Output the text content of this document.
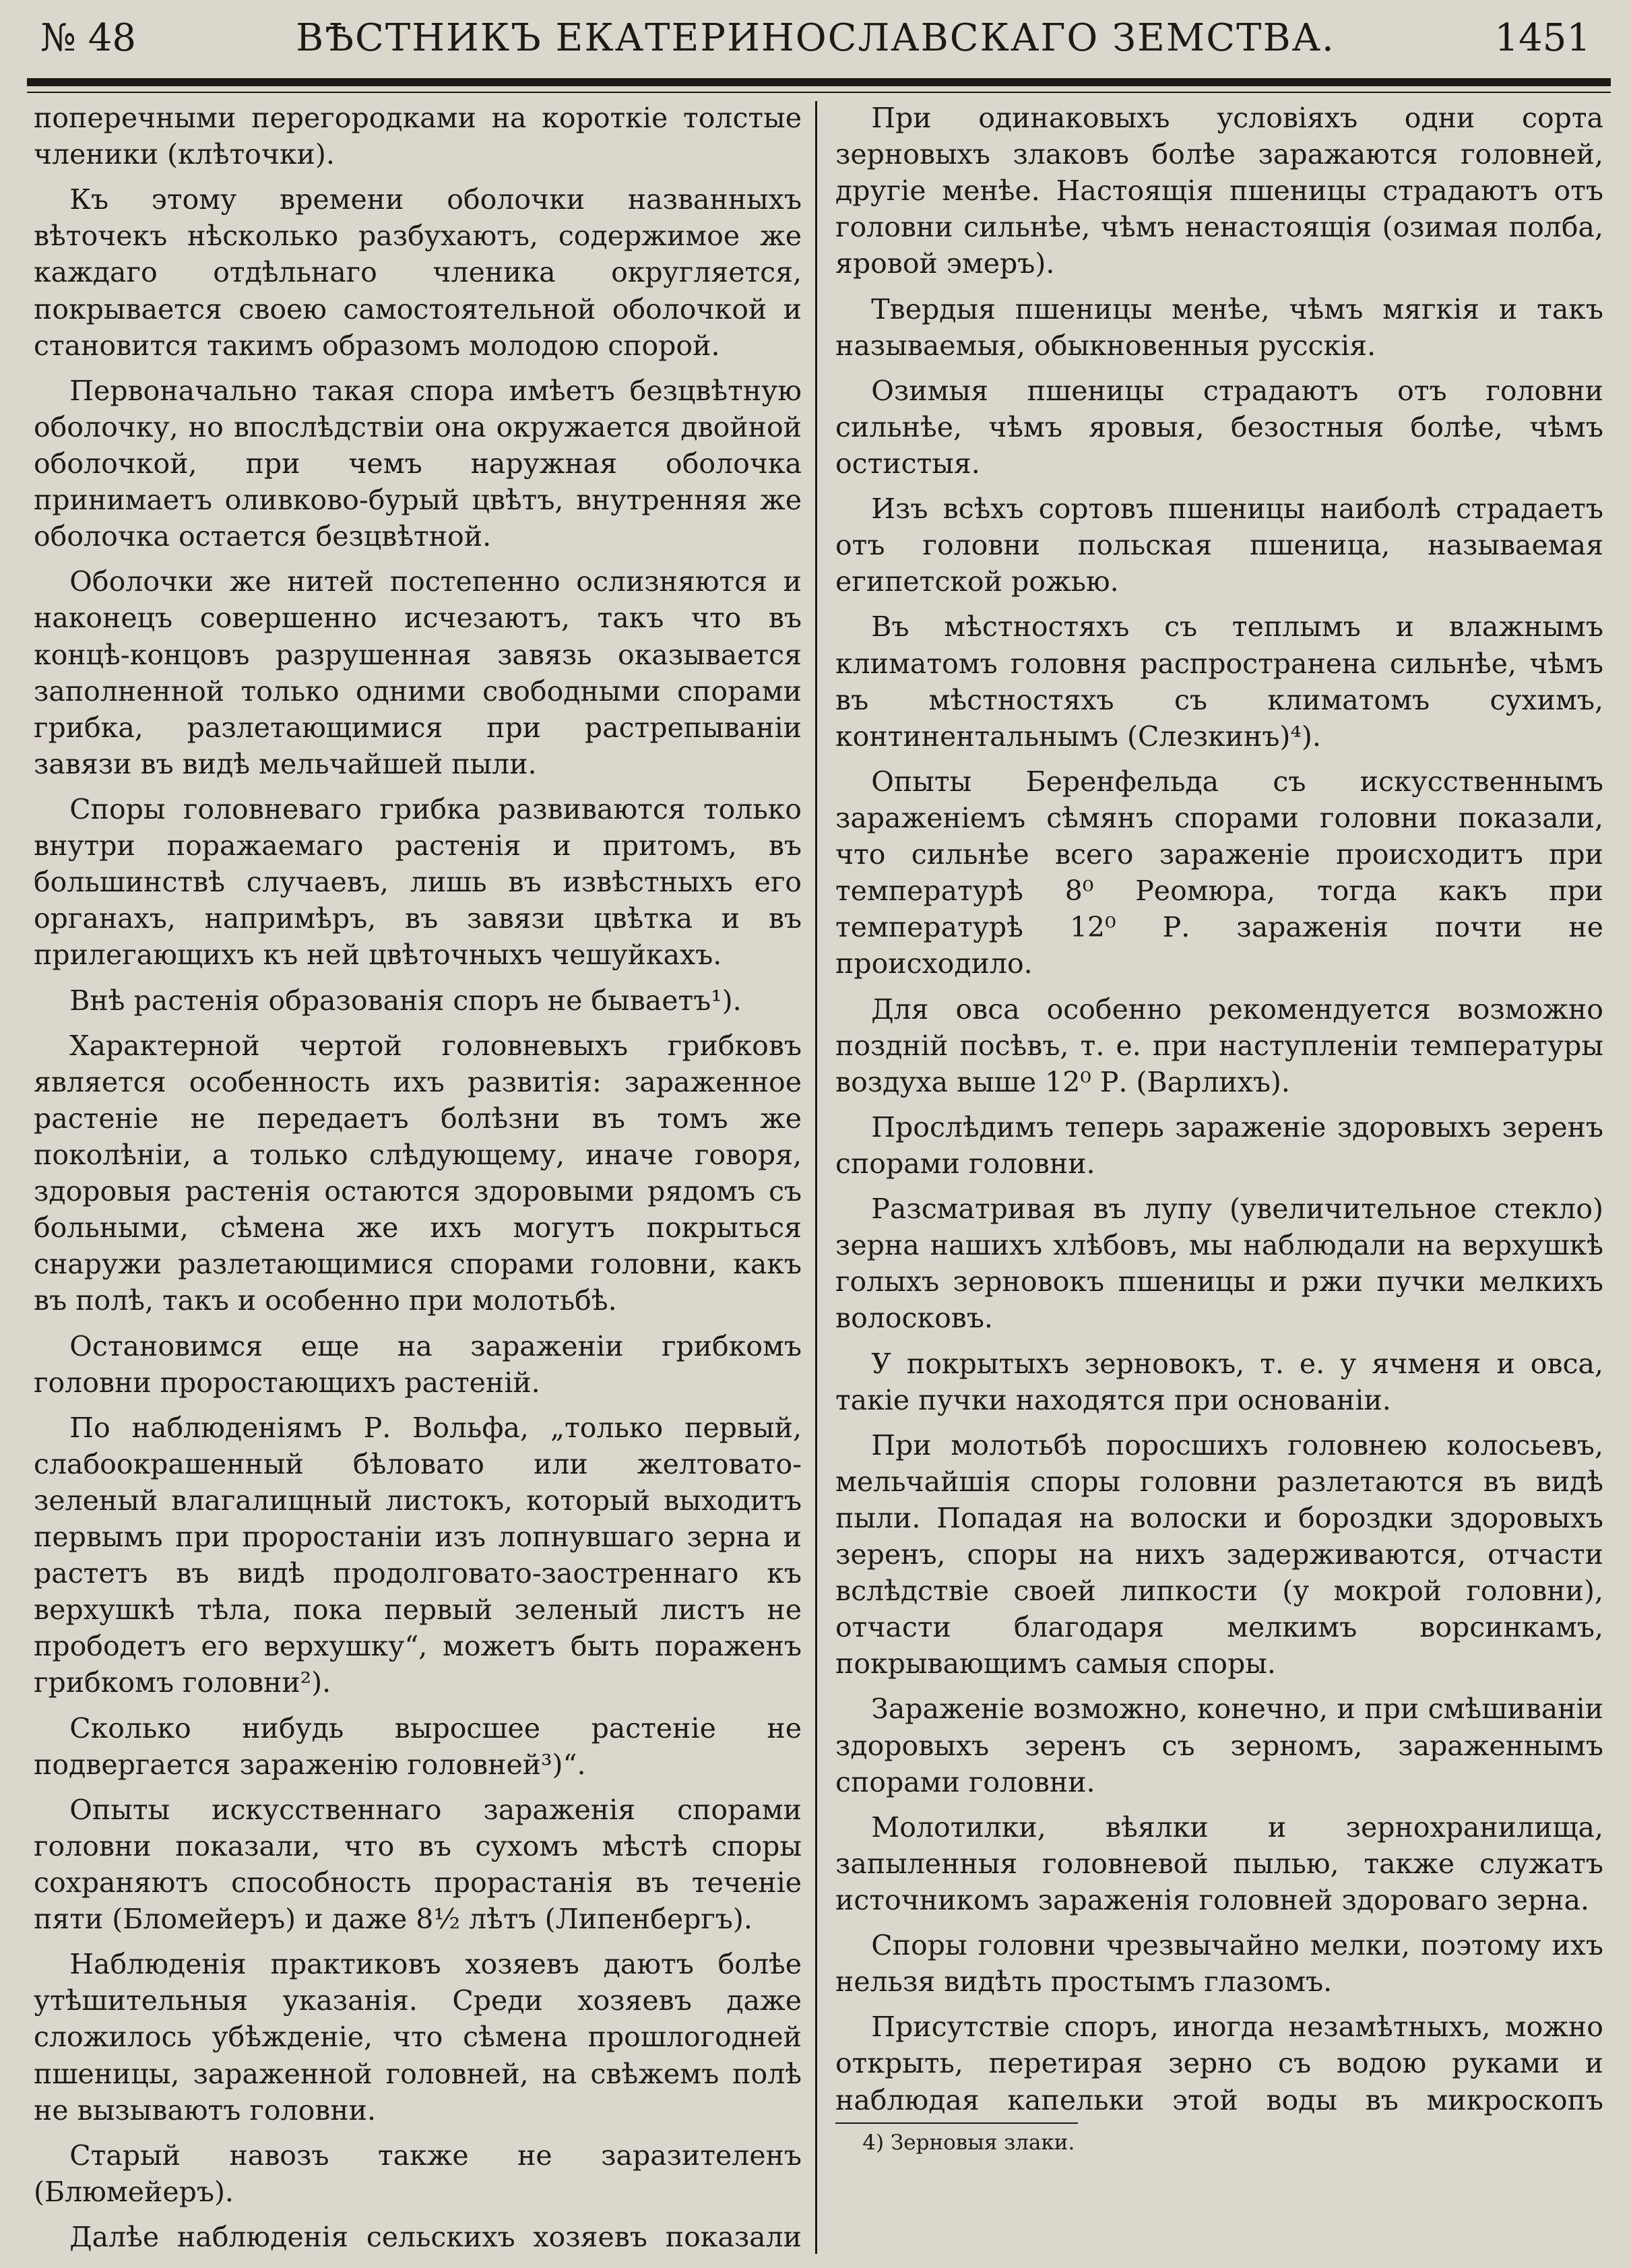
№ 48	ВѢСТНИКЪ ЕКАТЕРИНОСЛАВСКАГО ЗЕМСТВА.	1451

поперечными перегородками на короткіе толстые членики (клѣточки).

Къ этому времени оболочки названныхъ вѣточекъ нѣсколько разбухаютъ, содержимое же каждаго отдѣльнаго членика округляется, покрывается своею самостоятельной оболочкой и становится такимъ образомъ молодою спорой.

Первоначально такая спора имѣетъ безцвѣтную оболочку, но впослѣдствіи она окружается двойной оболочкой, при чемъ наружная оболочка принимаетъ оливково-бурый цвѣтъ, внутренняя же оболочка остается безцвѣтной.

Оболочки же нитей постепенно ослизняются и наконецъ совершенно исчезаютъ, такъ что въ концѣ-концовъ разрушенная завязь оказывается заполненной только одними свободными спорами грибка, разлетающимися при растрепываніи завязи въ видѣ мельчайшей пыли.

Споры головневаго грибка развиваются только внутри поражаемаго растенія и притомъ, въ большинствѣ случаевъ, лишь въ извѣстныхъ его органахъ, напримѣръ, въ завязи цвѣтка и въ прилегающихъ къ ней цвѣточныхъ чешуйкахъ.

Внѣ растенія образованія споръ не бываетъ¹).

Характерной чертой головневыхъ грибковъ является особенность ихъ развитія: зараженное растеніе не передаетъ болѣзни въ томъ же поколѣніи, а только слѣдующему, иначе говоря, здоровыя растенія остаются здоровыми рядомъ съ больными, сѣмена же ихъ могутъ покрыться снаружи разлетающимися спорами головни, какъ въ полѣ, такъ и особенно при молотьбѣ.

Остановимся еще на зараженіи грибкомъ головни проростающихъ растеній.

По наблюденіямъ Р. Вольфа, „только первый, слабоокрашенный бѣловато или желтовато-зеленый влагалищный листокъ, который выходитъ первымъ при проростаніи изъ лопнувшаго зерна и растетъ въ видѣ продолговато-заостреннаго къ верхушкѣ тѣла, пока первый зеленый листъ не прободетъ его верхушку“, можетъ быть пораженъ грибкомъ головни²).

Сколько нибудь выросшее растеніе не подвергается зараженію головней³)“.

Опыты искусственнаго зараженія спорами головни показали, что въ сухомъ мѣстѣ споры сохраняютъ способность прорастанія въ теченіе пяти (Бломейеръ) и даже 8½ лѣтъ (Липенбергъ).

Наблюденія практиковъ хозяевъ даютъ болѣе утѣшительныя указанія. Среди хозяевъ даже сложилось убѣжденіе, что сѣмена прошлогодней пшеницы, зараженной головней, на свѣжемъ полѣ не вызываютъ головни.

Старый навозъ также не заразителенъ (Блюмейеръ).

Далѣе наблюденія сельскихъ хозяевъ показали

При одинаковыхъ условіяхъ одни сорта зерновыхъ злаковъ болѣе заражаются головней, другіе менѣе. Настоящія пшеницы страдаютъ отъ головни сильнѣе, чѣмъ ненастоящія (озимая полба, яровой эмеръ).

Твердыя пшеницы менѣе, чѣмъ мягкія и такъ называемыя, обыкновенныя русскія.

Озимыя пшеницы страдаютъ отъ головни сильнѣе, чѣмъ яровыя, безостныя болѣе, чѣмъ остистыя.

Изъ всѣхъ сортовъ пшеницы наиболѣ страдаетъ отъ головни польская пшеница, называемая египетской рожью.

Въ мѣстностяхъ съ теплымъ и влажнымъ климатомъ головня распространена сильнѣе, чѣмъ въ мѣстностяхъ съ климатомъ сухимъ, континентальнымъ (Слезкинъ)⁴).

Опыты Беренфельда съ искусственнымъ зараженіемъ сѣмянъ спорами головни показали, что сильнѣе всего зараженіе происходитъ при температурѣ 8⁰ Реомюра, тогда какъ при температурѣ 12⁰ Р. зараженія почти не происходило.

Для овса особенно рекомендуется возможно поздній посѣвъ, т. е. при наступленіи температуры воздуха выше 12⁰ Р. (Варлихъ).

Прослѣдимъ теперь зараженіе здоровыхъ зеренъ спорами головни.

Разсматривая въ лупу (увеличительное стекло) зерна нашихъ хлѣбовъ, мы наблюдали на верхушкѣ голыхъ зерновокъ пшеницы и ржи пучки мелкихъ волосковъ.

У покрытыхъ зерновокъ, т. е. у ячменя и овса, такіе пучки находятся при основаніи.

При молотьбѣ пороcшихъ головнею колосьевъ, мельчайшія споры головни разлетаются въ видѣ пыли. Попадая на волоски и бороздки здоровыхъ зеренъ, споры на нихъ задерживаются, отчасти вслѣдствіе своей липкости (у мокрой головни), отчасти благодаря мелкимъ ворсинкамъ, покрывающимъ самыя споры.

Зараженіе возможно, конечно, и при смѣшиваніи здоровыхъ зеренъ съ зерномъ, зараженнымъ спорами головни.

Молотилки, вѣялки и зернохранилища, запыленныя головневой пылью, также служатъ источникомъ зараженія головней здороваго зерна.

Споры головни чрезвычайно мелки, поэтому ихъ нельзя видѣть простымъ глазомъ.

Присутствіе споръ, иногда незамѣтныхъ, можно открыть, перетирая зерно съ водою руками и наблюдая капельки этой воды въ микроскопъ

4) Зерновыя злаки.
